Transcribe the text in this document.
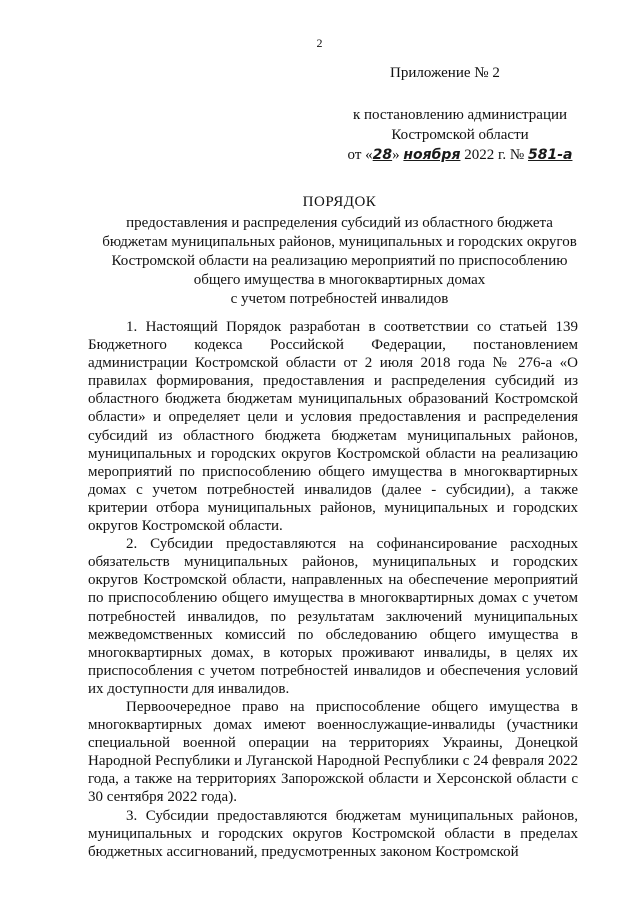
2
Приложение № 2
к постановлению администрации
Костромской области
от «28» ноября 2022 г. № 581-а
ПОРЯДОК
предоставления и распределения субсидий из областного бюджета
бюджетам муниципальных районов, муниципальных и городских округов
Костромской области на реализацию мероприятий по приспособлению
общего имущества в многоквартирных домах
с учетом потребностей инвалидов

1. Настоящий Порядок разработан в соответствии со статьей 139 Бюджетного кодекса Российской Федерации, постановлением администрации Костромской области от 2 июля 2018 года № 276-а «О правилах формирования, предоставления и распределения субсидий из областного бюджета бюджетам муниципальных образований Костромской области» и определяет цели и условия предоставления и распределения субсидий из областного бюджета бюджетам муниципальных районов, муниципальных и городских округов Костромской области на реализацию мероприятий по приспособлению общего имущества в многоквартирных домах с учетом потребностей инвалидов (далее - субсидии), а также критерии отбора муниципальных районов, муниципальных и городских округов Костромской области.

2. Субсидии предоставляются на софинансирование расходных обязательств муниципальных районов, муниципальных и городских округов Костромской области, направленных на обеспечение мероприятий по приспособлению общего имущества в многоквартирных домах с учетом потребностей инвалидов, по результатам заключений муниципальных межведомственных комиссий по обследованию общего имущества в многоквартирных домах, в которых проживают инвалиды, в целях их приспособления с учетом потребностей инвалидов и обеспечения условий их доступности для инвалидов.

Первоочередное право на приспособление общего имущества в многоквартирных домах имеют военнослужащие-инвалиды (участники специальной военной операции на территориях Украины, Донецкой Народной Республики и Луганской Народной Республики с 24 февраля 2022 года, а также на территориях Запорожской области и Херсонской области с 30 сентября 2022 года).

3. Субсидии предоставляются бюджетам муниципальных районов, муниципальных и городских округов Костромской области в пределах бюджетных ассигнований, предусмотренных законом Костромской
